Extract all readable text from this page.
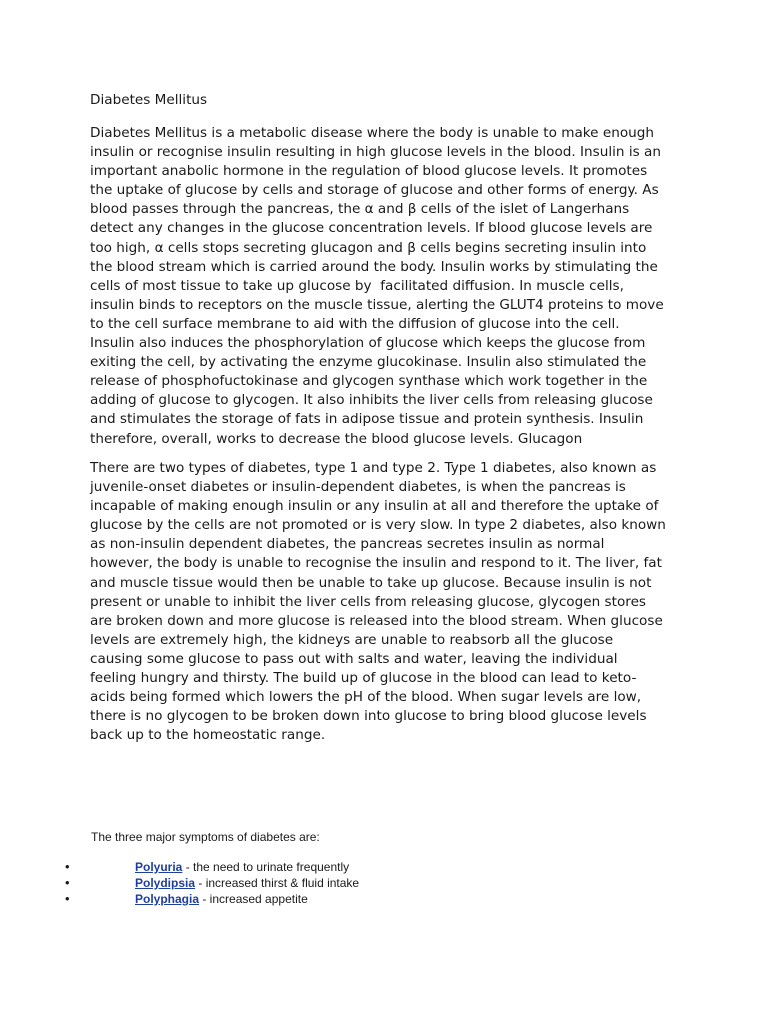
Diabetes Mellitus
Diabetes Mellitus is a metabolic disease where the body is unable to make enough
insulin or recognise insulin resulting in high glucose levels in the blood. Insulin is an
important anabolic hormone in the regulation of blood glucose levels. It promotes
the uptake of glucose by cells and storage of glucose and other forms of energy. As
blood passes through the pancreas, the α and β cells of the islet of Langerhans
detect any changes in the glucose concentration levels. If blood glucose levels are
too high, α cells stops secreting glucagon and β cells begins secreting insulin into
the blood stream which is carried around the body. Insulin works by stimulating the
cells of most tissue to take up glucose by  facilitated diffusion. In muscle cells,
insulin binds to receptors on the muscle tissue, alerting the GLUT4 proteins to move
to the cell surface membrane to aid with the diffusion of glucose into the cell.
Insulin also induces the phosphorylation of glucose which keeps the glucose from
exiting the cell, by activating the enzyme glucokinase. Insulin also stimulated the
release of phosphofuctokinase and glycogen synthase which work together in the
adding of glucose to glycogen. It also inhibits the liver cells from releasing glucose
and stimulates the storage of fats in adipose tissue and protein synthesis. Insulin
therefore, overall, works to decrease the blood glucose levels. Glucagon
There are two types of diabetes, type 1 and type 2. Type 1 diabetes, also known as
juvenile-onset diabetes or insulin-dependent diabetes, is when the pancreas is
incapable of making enough insulin or any insulin at all and therefore the uptake of
glucose by the cells are not promoted or is very slow. In type 2 diabetes, also known
as non-insulin dependent diabetes, the pancreas secretes insulin as normal
however, the body is unable to recognise the insulin and respond to it. The liver, fat
and muscle tissue would then be unable to take up glucose. Because insulin is not
present or unable to inhibit the liver cells from releasing glucose, glycogen stores
are broken down and more glucose is released into the blood stream. When glucose
levels are extremely high, the kidneys are unable to reabsorb all the glucose
causing some glucose to pass out with salts and water, leaving the individual
feeling hungry and thirsty. The build up of glucose in the blood can lead to keto-
acids being formed which lowers the pH of the blood. When sugar levels are low,
there is no glycogen to be broken down into glucose to bring blood glucose levels
back up to the homeostatic range.
The three major symptoms of diabetes are:
•	Polyuria - the need to urinate frequently
•	Polydipsia - increased thirst & fluid intake
•	Polyphagia - increased appetite
